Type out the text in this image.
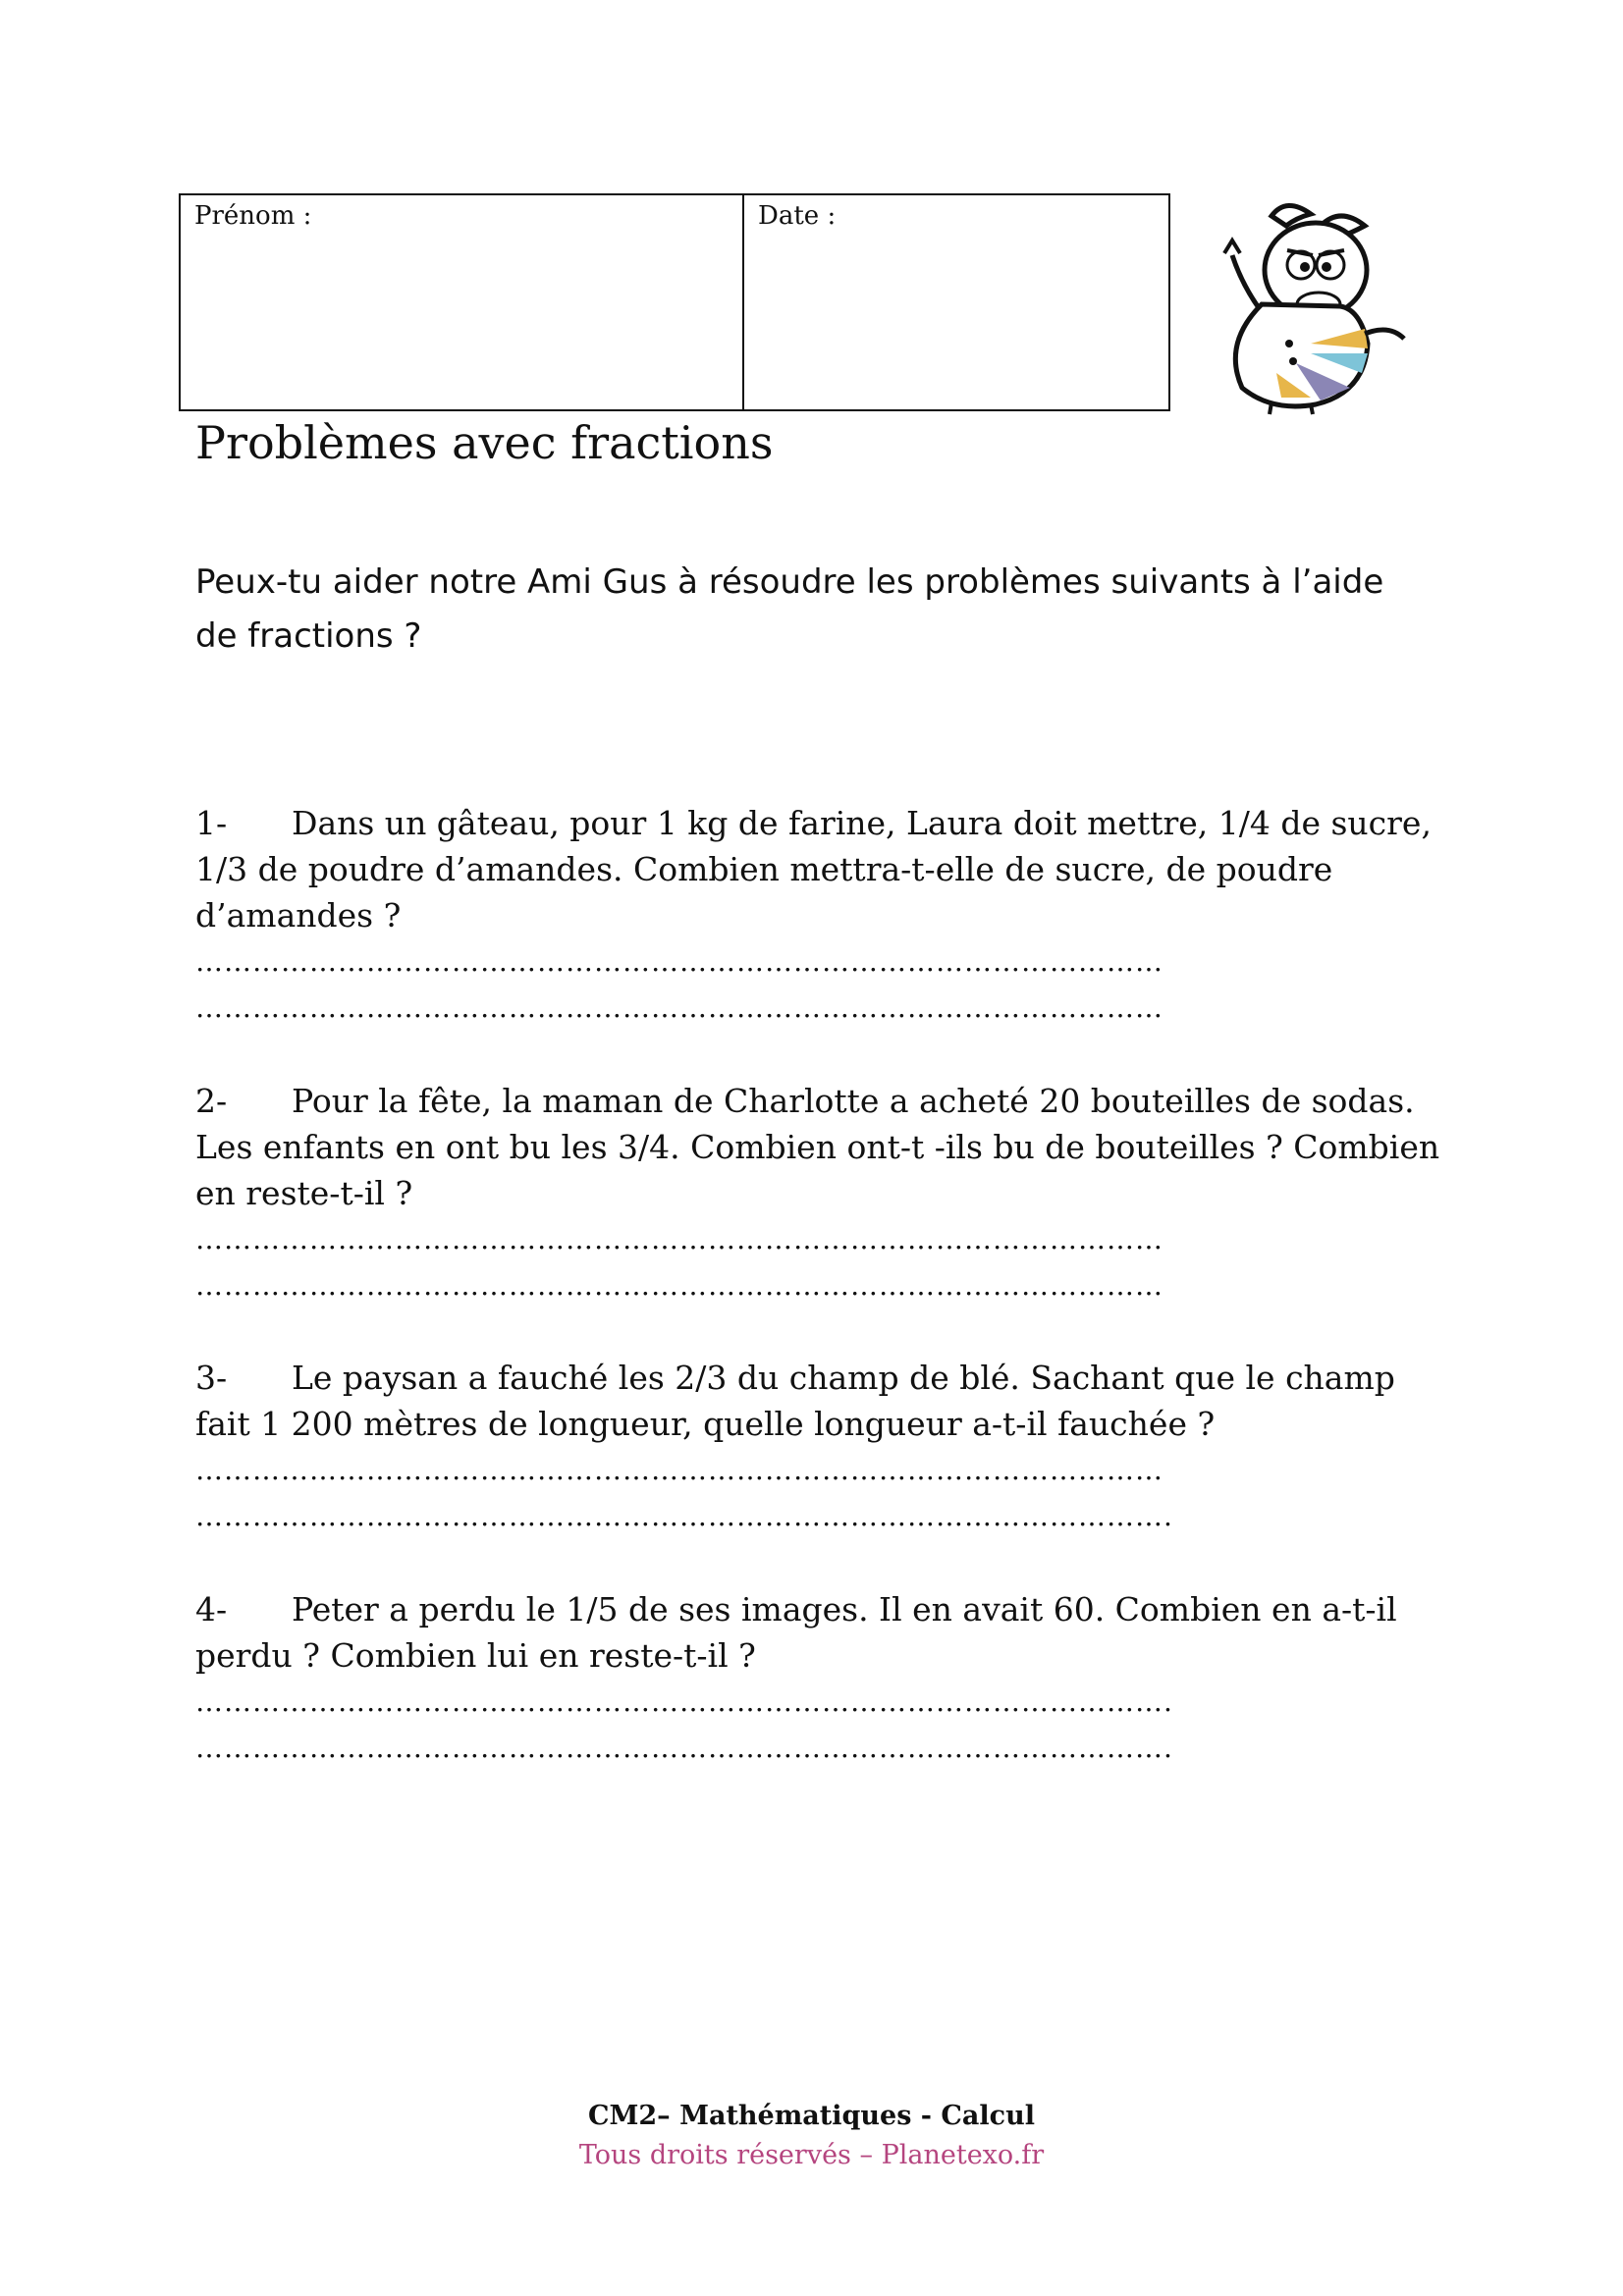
Prénom :	Date :
Problèmes avec fractions

Peux-tu aider notre Ami Gus à résoudre les problèmes suivants à l’aide de fractions ?

1- Dans un gâteau, pour 1 kg de farine, Laura doit mettre, 1/4 de sucre, 1/3 de poudre d’amandes. Combien mettra-t-elle de sucre, de poudre d’amandes ?

…………………………………………………………………………………………
…………………………………………………………………………………………

2- Pour la fête, la maman de Charlotte a acheté 20 bouteilles de sodas. Les enfants en ont bu les 3/4. Combien ont-t -ils bu de bouteilles ? Combien en reste-t-il ?

…………………………………………………………………………………………
…………………………………………………………………………………………

3- Le paysan a fauché les 2/3 du champ de blé. Sachant que le champ fait 1 200 mètres de longueur, quelle longueur a-t-il fauchée ?

…………………………………………………………………………………………
………………………………………………………………………………………….

4- Peter a perdu le 1/5 de ses images. Il en avait 60. Combien en a-t-il perdu ? Combien lui en reste-t-il ?

………………………………………………………………………………………….
………………………………………………………………………………………….
CM2– Mathématiques - Calcul
Tous droits réservés – Planetexo.fr
